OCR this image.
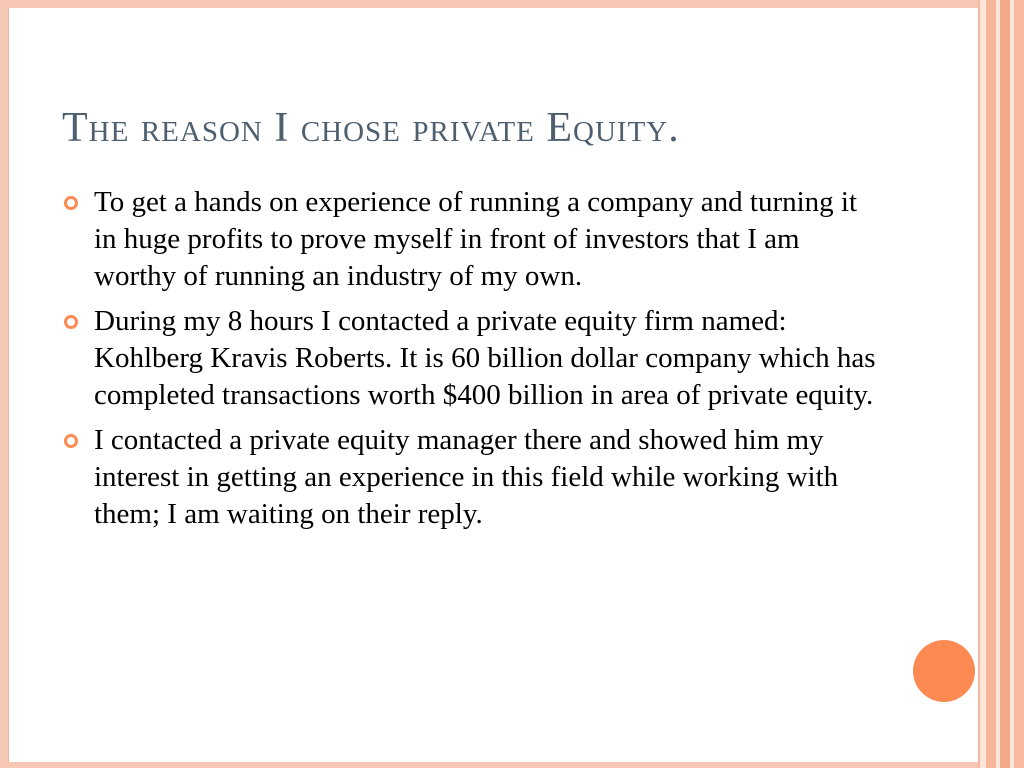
The reason I chose private Equity.
To get a hands on experience of running a company and turning it in huge profits to prove myself in front of investors that I am worthy of running an industry of my own.
During my 8 hours I contacted a private equity firm named: Kohlberg Kravis Roberts. It is 60 billion dollar company which has completed transactions worth $400 billion in area of private equity.
I contacted a private equity manager there and showed him my interest in getting an experience in this field while working with them; I am waiting on their reply.
